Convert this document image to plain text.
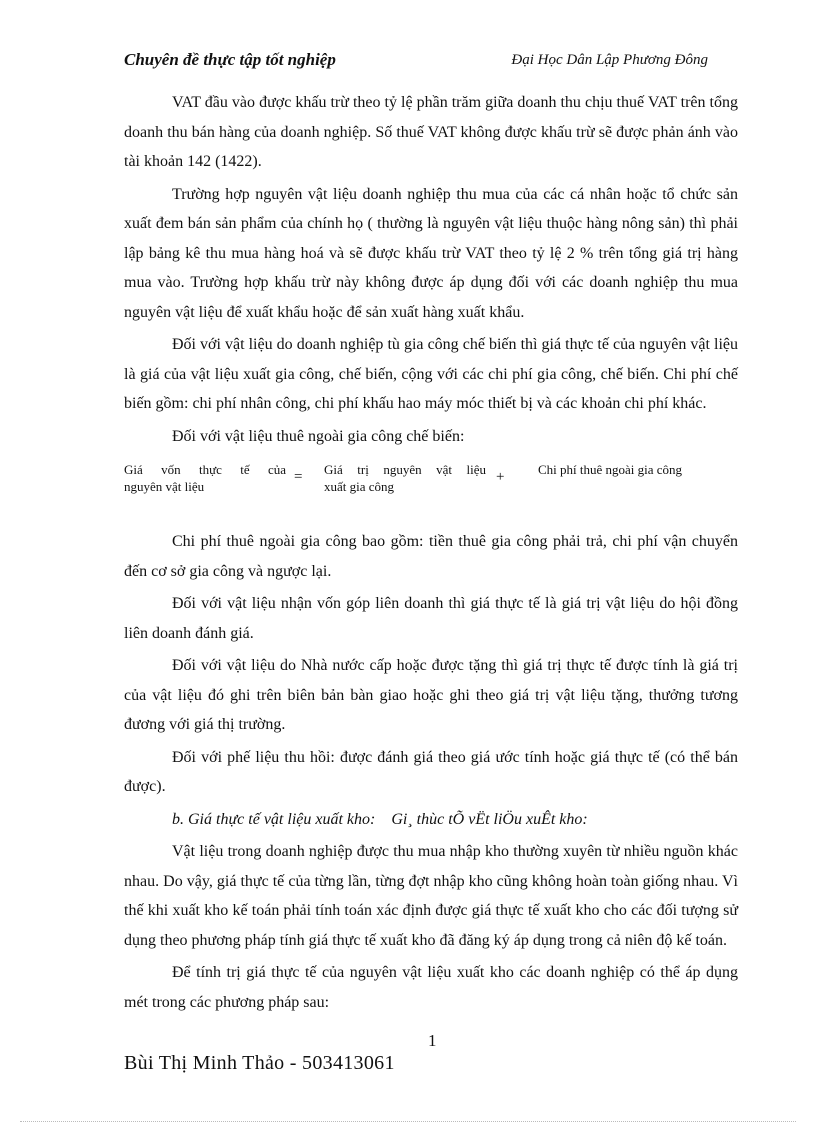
Chuyên đề thực tập tốt nghiệp	Đại Học Dân Lập Phương Đông

VAT đầu vào được khấu trừ theo tỷ lệ phần trăm giữa doanh thu chịu thuế VAT trên tổng doanh thu bán hàng của doanh nghiệp. Số thuế VAT không được khấu trừ sẽ được phản ánh vào tài khoản 142 (1422).

Trường hợp nguyên vật liệu doanh nghiệp thu mua của các cá nhân hoặc tổ chức sản xuất đem bán sản phẩm của chính họ ( thường là nguyên vật liệu thuộc hàng nông sản) thì phải lập bảng kê thu mua hàng hoá và sẽ được khấu trừ VAT theo tỷ lệ 2 % trên tổng giá trị hàng mua vào. Trường hợp khấu trừ này không được áp dụng đối với các doanh nghiệp thu mua nguyên vật liệu để xuất khẩu hoặc để sản xuất hàng xuất khẩu.

Đối với vật liệu do doanh nghiệp tù gia công chế biến thì giá thực tế của nguyên vật liệu là giá của vật liệu xuất gia công, chế biến, cộng với các chi phí gia công, chế biến. Chi phí chế biến gồm: chi phí nhân công, chi phí khấu hao máy móc thiết bị và các khoản chi phí khác.

Đối với vật liệu thuê ngoài gia công chế biến:

Giá vốn thực tế của
nguyên vật liệu
= Giá trị nguyên vật liệu
xuất gia công
+	Chi phí thuê ngoài gia công

Chi phí thuê ngoài gia công bao gồm: tiền thuê gia công phải trả, chi phí vận chuyển đến cơ sở gia công và ngược lại.

Đối với vật liệu nhận vốn góp liên doanh thì giá thực tế là giá trị vật liệu do hội đồng liên doanh đánh giá.

Đối với vật liệu do Nhà nước cấp hoặc được tặng thì giá trị thực tế được tính là giá trị của vật liệu đó ghi trên biên bản bàn giao hoặc ghi theo giá trị vật liệu tặng, thưởng tương đương với giá thị trường.

Đối với phế liệu thu hồi: được đánh giá theo giá ước tính hoặc giá thực tế (có thể bán được).

b. Giá thực tế vật liệu xuất kho: Gi¸ thùc tÕ vËt liÖu xuÊt kho:

Vật liệu trong doanh nghiệp được thu mua nhập kho thường xuyên từ nhiều nguồn khác nhau. Do vậy, giá thực tế của từng lần, từng đợt nhập kho cũng không hoàn toàn giống nhau. Vì thế khi xuất kho kế toán phải tính toán xác định được giá thực tế xuất kho cho các đối tượng sử dụng theo phương pháp tính giá thực tế xuất kho đã đăng ký áp dụng trong cả niên độ kế toán.

Để tính trị giá thực tế của nguyên vật liệu xuất kho các doanh nghiệp có thể áp dụng mét trong các phương pháp sau:

1
Bùi Thị Minh Thảo - 503413061
